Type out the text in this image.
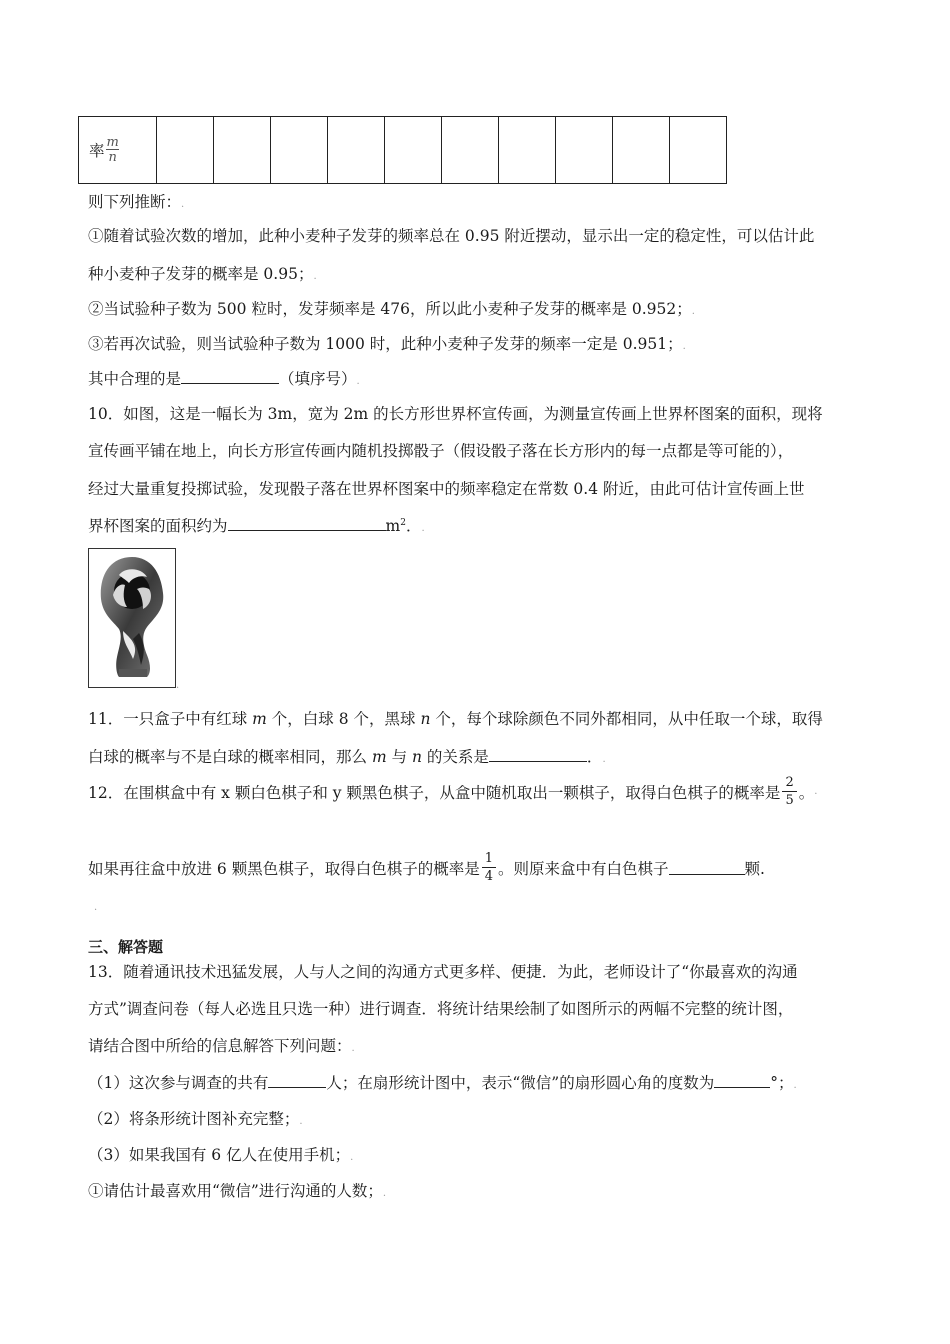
率 $\frac{m}{n}$

则下列推断：.
①随着试验次数的增加，此种小麦种子发芽的频率总在 0.95 附近摆动，显示出一定的稳定性，可以估计此
种小麦种子发芽的概率是 0.95；.
②当试验种子数为 500 粒时，发芽频率是 476，所以此小麦种子发芽的概率是 0.952；.
③若再次试验，则当试验种子数为 1000 时，此种小麦种子发芽的频率一定是 0.951；.
其中合理的是	（填序号）.
10．如图，这是一幅长为 3m，宽为 2m 的长方形世界杯宣传画，为测量宣传画上世界杯图案的面积，现将
宣传画平铺在地上，向长方形宣传画内随机投掷骰子（假设骰子落在长方形内的每一点都是等可能的），
经过大量重复投掷试验，发现骰子落在世界杯图案中的频率稳定在常数 0.4 附近，由此可估计宣传画上世
界杯图案的面积约为	$m^2$．.
.
11．一只盒子中有红球 m 个，白球 8 个，黑球 n 个，每个球除颜色不同外都相同，从中任取一个球，取得
白球的概率与不是白球的概率相同，那么 m 与 n 的关系是	．.
12．在围棋盒中有 x 颗白色棋子和 y 颗黑色棋子，从盒中随机取出一颗棋子，取得白色棋子的概率是 $\frac{2}{5}$ 。 .
如果再往盒中放进 6 颗黑色棋子，取得白色棋子的概率是 $\frac{1}{4}$ 。则原来盒中有白色棋子	颗.
.
三、解答题
13．随着通讯技术迅猛发展，人与人之间的沟通方式更多样、便捷．为此，老师设计了“你最喜欢的沟通
方式”调查问卷（每人必选且只选一种）进行调查．将统计结果绘制了如图所示的两幅不完整的统计图，
请结合图中所给的信息解答下列问题：.
（1）这次参与调查的共有	人；在扇形统计图中，表示“微信”的扇形圆心角的度数为	°；.
（2）将条形统计图补充完整；.
（3）如果我国有 6 亿人在使用手机；.
①请估计最喜欢用“微信”进行沟通的人数；.
